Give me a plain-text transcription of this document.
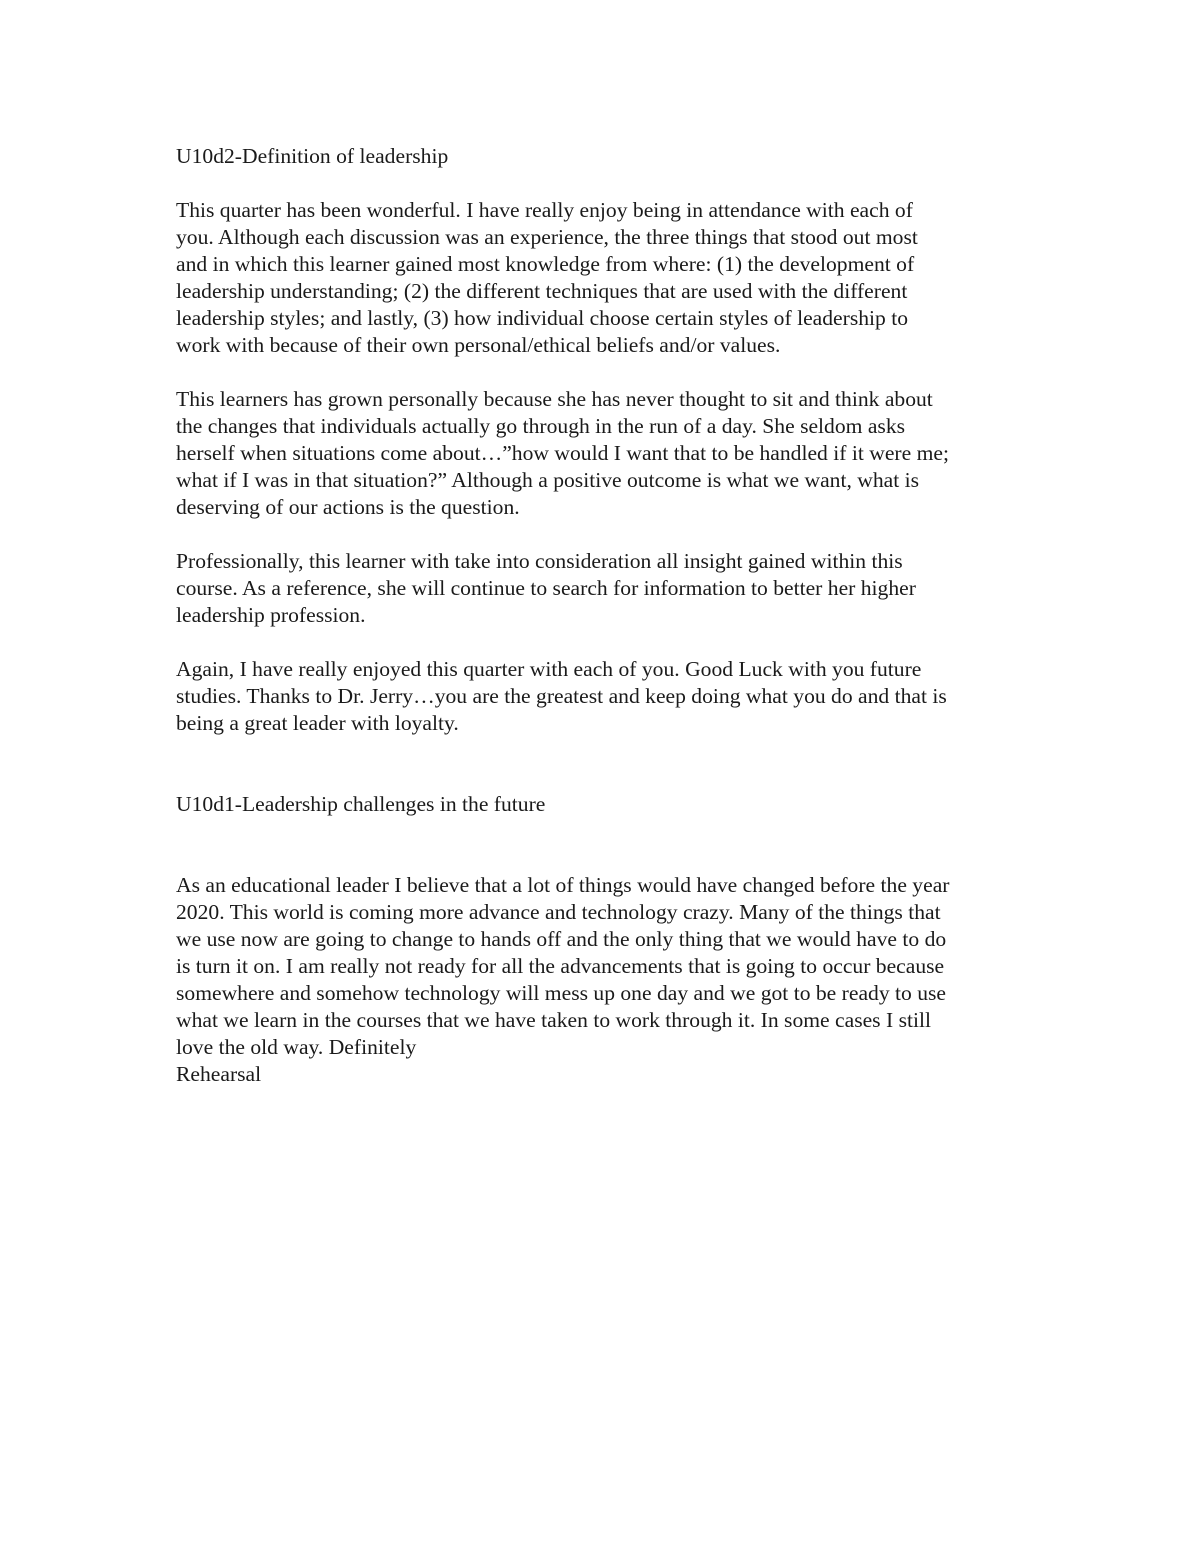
U10d2-Definition of leadership
This quarter has been wonderful. I have really enjoy being in attendance with each of
you. Although each discussion was an experience, the three things that stood out most
and in which this learner gained most knowledge from where: (1) the development of
leadership understanding; (2) the different techniques that are used with the different
leadership styles; and lastly, (3) how individual choose certain styles of leadership to
work with because of their own personal/ethical beliefs and/or values.
This learners has grown personally because she has never thought to sit and think about
the changes that individuals actually go through in the run of a day. She seldom asks
herself when situations come about…”how would I want that to be handled if it were me;
what if I was in that situation?” Although a positive outcome is what we want, what is
deserving of our actions is the question.
Professionally, this learner with take into consideration all insight gained within this
course. As a reference, she will continue to search for information to better her higher
leadership profession.
Again, I have really enjoyed this quarter with each of you. Good Luck with you future
studies. Thanks to Dr. Jerry…you are the greatest and keep doing what you do and that is
being a great leader with loyalty.
U10d1-Leadership challenges in the future
As an educational leader I believe that a lot of things would have changed before the year
2020. This world is coming more advance and technology crazy. Many of the things that
we use now are going to change to hands off and the only thing that we would have to do
is turn it on. I am really not ready for all the advancements that is going to occur because
somewhere and somehow technology will mess up one day and we got to be ready to use
what we learn in the courses that we have taken to work through it. In some cases I still
love the old way. Definitely
Rehearsal
